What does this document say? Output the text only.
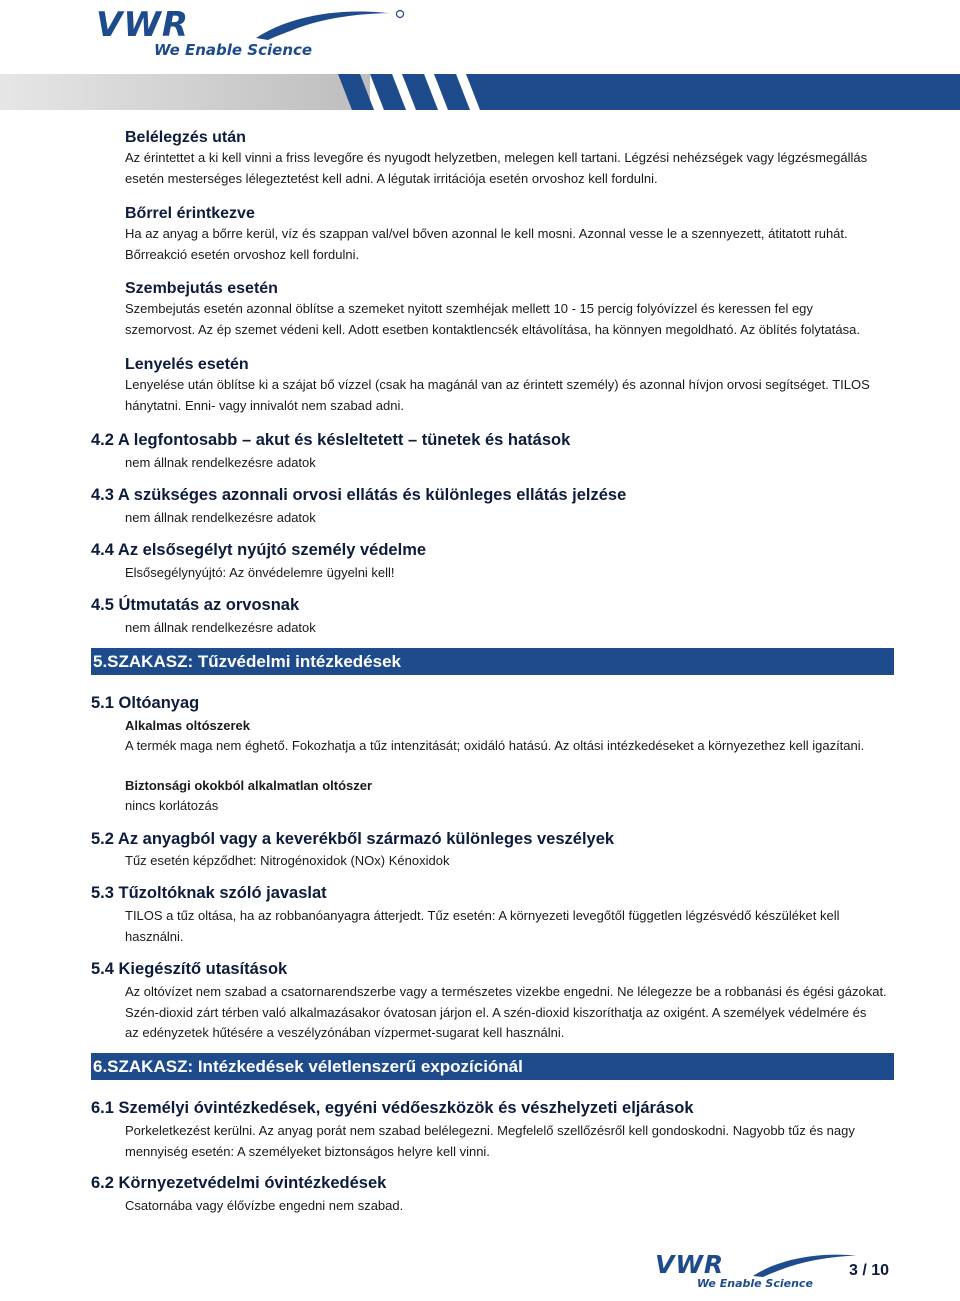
VWR
We Enable Science
Belélegzés után
Az érintettet a ki kell vinni a friss levegőre és nyugodt helyzetben, melegen kell tartani. Légzési nehézségek vagy légzésmegállás
esetén mesterséges lélegeztetést kell adni. A légutak irritációja esetén orvoshoz kell fordulni.
Bőrrel érintkezve
Ha az anyag a bőrre kerül, víz és szappan val/vel bőven azonnal le kell mosni. Azonnal vesse le a szennyezett, átitatott ruhát.
Bőrreakció esetén orvoshoz kell fordulni.
Szembejutás esetén
Szembejutás esetén azonnal öblítse a szemeket nyitott szemhéjak mellett 10 - 15 percig folyóvízzel és keressen fel egy
szemorvost. Az ép szemet védeni kell. Adott esetben kontaktlencsék eltávolítása, ha könnyen megoldható. Az öblítés folytatása.
Lenyelés esetén
Lenyelése után öblítse ki a szájat bő vízzel (csak ha magánál van az érintett személy) és azonnal hívjon orvosi segítséget. TILOS
hánytatni. Enni- vagy innivalót nem szabad adni.
4.2 A legfontosabb – akut és késleltetett – tünetek és hatások
nem állnak rendelkezésre adatok
4.3 A szükséges azonnali orvosi ellátás és különleges ellátás jelzése
nem állnak rendelkezésre adatok
4.4 Az elsősegélyt nyújtó személy védelme
Elsősegélynyújtó: Az önvédelemre ügyelni kell!
4.5 Útmutatás az orvosnak
nem állnak rendelkezésre adatok
5.SZAKASZ: Tűzvédelmi intézkedések
5.1 Oltóanyag
Alkalmas oltószerek
A termék maga nem éghető. Fokozhatja a tűz intenzitását; oxidáló hatású. Az oltási intézkedéseket a környezethez kell igazítani.
Biztonsági okokból alkalmatlan oltószer
nincs korlátozás
5.2 Az anyagból vagy a keverékből származó különleges veszélyek
Tűz esetén képződhet: Nitrogénoxidok (NOx) Kénoxidok
5.3 Tűzoltóknak szóló javaslat
TILOS a tűz oltása, ha az robbanóanyagra átterjedt. Tűz esetén: A környezeti levegőtől független légzésvédő készüléket kell
használni.
5.4 Kiegészítő utasítások
Az oltóvízet nem szabad a csatornarendszerbe vagy a természetes vizekbe engedni. Ne lélegezze be a robbanási és égési gázokat.
Szén-dioxid zárt térben való alkalmazásakor óvatosan járjon el. A szén-dioxid kiszoríthatja az oxigént. A személyek védelmére és
az edényzetek hűtésére a veszélyzónában vízpermet-sugarat kell használni.
6.SZAKASZ: Intézkedések véletlenszerű expozíciónál
6.1 Személyi óvintézkedések, egyéni védőeszközök és vészhelyzeti eljárások
Porkeletkezést kerülni. Az anyag porát nem szabad belélegezni. Megfelelő szellőzésről kell gondoskodni. Nagyobb tűz és nagy
mennyiség esetén: A személyeket biztonságos helyre kell vinni.
6.2 Környezetvédelmi óvintézkedések
Csatornába vagy élővízbe engedni nem szabad.
VWR
We Enable Science
3 / 10
